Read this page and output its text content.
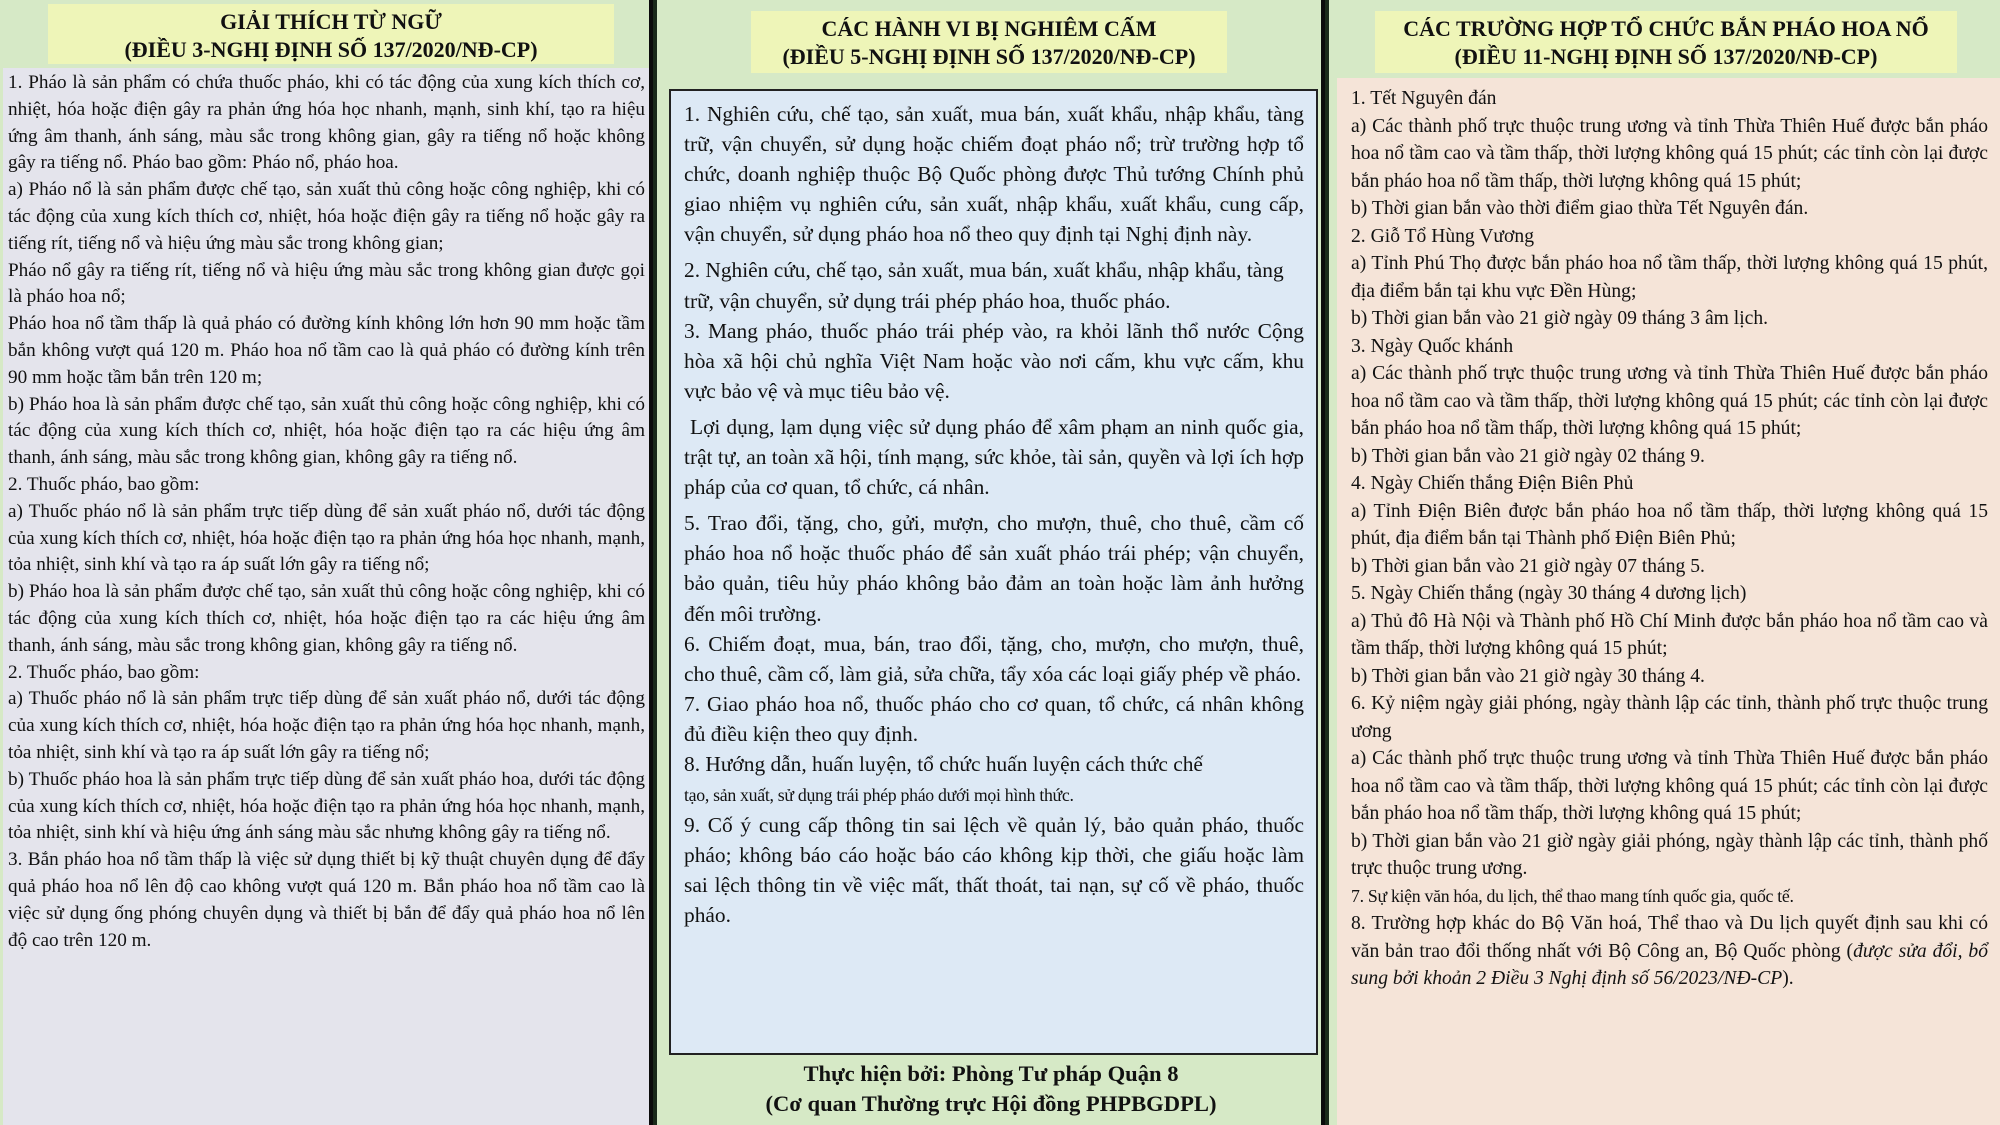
GIẢI THÍCH TỪ NGỮ
(ĐIỀU 3-NGHỊ ĐỊNH SỐ 137/2020/NĐ-CP)

1. Pháo là sản phẩm có chứa thuốc pháo, khi có tác động của xung kích thích cơ, nhiệt, hóa hoặc điện gây ra phản ứng hóa học nhanh, mạnh, sinh khí, tạo ra hiệu ứng âm thanh, ánh sáng, màu sắc trong không gian, gây ra tiếng nổ hoặc không gây ra tiếng nổ. Pháo bao gồm: Pháo nổ, pháo hoa.

a) Pháo nổ là sản phẩm được chế tạo, sản xuất thủ công hoặc công nghiệp, khi có tác động của xung kích thích cơ, nhiệt, hóa hoặc điện gây ra tiếng nổ hoặc gây ra tiếng rít, tiếng nổ và hiệu ứng màu sắc trong không gian;

Pháo nổ gây ra tiếng rít, tiếng nổ và hiệu ứng màu sắc trong không gian được gọi là pháo hoa nổ;

Pháo hoa nổ tầm thấp là quả pháo có đường kính không lớn hơn 90 mm hoặc tầm bắn không vượt quá 120 m. Pháo hoa nổ tầm cao là quả pháo có đường kính trên 90 mm hoặc tầm bắn trên 120 m;

b) Pháo hoa là sản phẩm được chế tạo, sản xuất thủ công hoặc công nghiệp, khi có tác động của xung kích thích cơ, nhiệt, hóa hoặc điện tạo ra các hiệu ứng âm thanh, ánh sáng, màu sắc trong không gian, không gây ra tiếng nổ.

2. Thuốc pháo, bao gồm:

a) Thuốc pháo nổ là sản phẩm trực tiếp dùng để sản xuất pháo nổ, dưới tác động của xung kích thích cơ, nhiệt, hóa hoặc điện tạo ra phản ứng hóa học nhanh, mạnh, tỏa nhiệt, sinh khí và tạo ra áp suất lớn gây ra tiếng nổ;

b) Pháo hoa là sản phẩm được chế tạo, sản xuất thủ công hoặc công nghiệp, khi có tác động của xung kích thích cơ, nhiệt, hóa hoặc điện tạo ra các hiệu ứng âm thanh, ánh sáng, màu sắc trong không gian, không gây ra tiếng nổ.

2. Thuốc pháo, bao gồm:

a) Thuốc pháo nổ là sản phẩm trực tiếp dùng để sản xuất pháo nổ, dưới tác động của xung kích thích cơ, nhiệt, hóa hoặc điện tạo ra phản ứng hóa học nhanh, mạnh, tỏa nhiệt, sinh khí và tạo ra áp suất lớn gây ra tiếng nổ;

b) Thuốc pháo hoa là sản phẩm trực tiếp dùng để sản xuất pháo hoa, dưới tác động của xung kích thích cơ, nhiệt, hóa hoặc điện tạo ra phản ứng hóa học nhanh, mạnh, tỏa nhiệt, sinh khí và hiệu ứng ánh sáng màu sắc nhưng không gây ra tiếng nổ.

3. Bắn pháo hoa nổ tầm thấp là việc sử dụng thiết bị kỹ thuật chuyên dụng để đẩy quả pháo hoa nổ lên độ cao không vượt quá 120 m. Bắn pháo hoa nổ tầm cao là việc sử dụng ống phóng chuyên dụng và thiết bị bắn để đẩy quả pháo hoa nổ lên độ cao trên 120 m.

CÁC HÀNH VI BỊ NGHIÊM CẤM
(ĐIỀU 5-NGHỊ ĐỊNH SỐ 137/2020/NĐ-CP)

1. Nghiên cứu, chế tạo, sản xuất, mua bán, xuất khẩu, nhập khẩu, tàng trữ, vận chuyển, sử dụng hoặc chiếm đoạt pháo nổ; trừ trường hợp tổ chức, doanh nghiệp thuộc Bộ Quốc phòng được Thủ tướng Chính phủ giao nhiệm vụ nghiên cứu, sản xuất, nhập khẩu, xuất khẩu, cung cấp, vận chuyển, sử dụng pháo hoa nổ theo quy định tại Nghị định này.

2. Nghiên cứu, chế tạo, sản xuất, mua bán, xuất khẩu, nhập khẩu, tàng
trữ, vận chuyển, sử dụng trái phép pháo hoa, thuốc pháo.

3. Mang pháo, thuốc pháo trái phép vào, ra khỏi lãnh thổ nước Cộng hòa xã hội chủ nghĩa Việt Nam hoặc vào nơi cấm, khu vực cấm, khu vực bảo vệ và mục tiêu bảo vệ.

Lợi dụng, lạm dụng việc sử dụng pháo để xâm phạm an ninh quốc gia, trật tự, an toàn xã hội, tính mạng, sức khỏe, tài sản, quyền và lợi ích hợp pháp của cơ quan, tổ chức, cá nhân.

5. Trao đổi, tặng, cho, gửi, mượn, cho mượn, thuê, cho thuê, cầm cố pháo hoa nổ hoặc thuốc pháo để sản xuất pháo trái phép; vận chuyển, bảo quản, tiêu hủy pháo không bảo đảm an toàn hoặc làm ảnh hưởng đến môi trường.

6. Chiếm đoạt, mua, bán, trao đổi, tặng, cho, mượn, cho mượn, thuê, cho thuê, cầm cố, làm giả, sửa chữa, tẩy xóa các loại giấy phép về pháo.

7. Giao pháo hoa nổ, thuốc pháo cho cơ quan, tổ chức, cá nhân không đủ điều kiện theo quy định.

8. Hướng dẫn, huấn luyện, tổ chức huấn luyện cách thức chế
tạo, sản xuất, sử dụng trái phép pháo dưới mọi hình thức.

9. Cố ý cung cấp thông tin sai lệch về quản lý, bảo quản pháo, thuốc pháo; không báo cáo hoặc báo cáo không kịp thời, che giấu hoặc làm sai lệch thông tin về việc mất, thất thoát, tai nạn, sự cố về pháo, thuốc pháo.

Thực hiện bởi: Phòng Tư pháp Quận 8
(Cơ quan Thường trực Hội đồng PHPBGDPL)
CÁC TRƯỜNG HỢP TỔ CHỨC BẮN PHÁO HOA NỔ
(ĐIỀU 11-NGHỊ ĐỊNH SỐ 137/2020/NĐ-CP)

1. Tết Nguyên đán

a) Các thành phố trực thuộc trung ương và tỉnh Thừa Thiên Huế được bắn pháo hoa nổ tầm cao và tầm thấp, thời lượng không quá 15 phút; các tỉnh còn lại được bắn pháo hoa nổ tầm thấp, thời lượng không quá 15 phút;

b) Thời gian bắn vào thời điểm giao thừa Tết Nguyên đán.

2. Giỗ Tổ Hùng Vương

a) Tỉnh Phú Thọ được bắn pháo hoa nổ tầm thấp, thời lượng không quá 15 phút, địa điểm bắn tại khu vực Đền Hùng;

b) Thời gian bắn vào 21 giờ ngày 09 tháng 3 âm lịch.

3. Ngày Quốc khánh

a) Các thành phố trực thuộc trung ương và tỉnh Thừa Thiên Huế được bắn pháo hoa nổ tầm cao và tầm thấp, thời lượng không quá 15 phút; các tỉnh còn lại được bắn pháo hoa nổ tầm thấp, thời lượng không quá 15 phút;

b) Thời gian bắn vào 21 giờ ngày 02 tháng 9.

4. Ngày Chiến thắng Điện Biên Phủ

a) Tỉnh Điện Biên được bắn pháo hoa nổ tầm thấp, thời lượng không quá 15 phút, địa điểm bắn tại Thành phố Điện Biên Phủ;

b) Thời gian bắn vào 21 giờ ngày 07 tháng 5.

5. Ngày Chiến thắng (ngày 30 tháng 4 dương lịch)

a) Thủ đô Hà Nội và Thành phố Hồ Chí Minh được bắn pháo hoa nổ tầm cao và tầm thấp, thời lượng không quá 15 phút;

b) Thời gian bắn vào 21 giờ ngày 30 tháng 4.

6. Kỷ niệm ngày giải phóng, ngày thành lập các tỉnh, thành phố trực thuộc trung ương

a) Các thành phố trực thuộc trung ương và tỉnh Thừa Thiên Huế được bắn pháo hoa nổ tầm cao và tầm thấp, thời lượng không quá 15 phút; các tỉnh còn lại được bắn pháo hoa nổ tầm thấp, thời lượng không quá 15 phút;

b) Thời gian bắn vào 21 giờ ngày giải phóng, ngày thành lập các tỉnh, thành phố trực thuộc trung ương.

7. Sự kiện văn hóa, du lịch, thể thao mang tính quốc gia, quốc tế.

8. Trường hợp khác do Bộ Văn hoá, Thể thao và Du lịch quyết định sau khi có văn bản trao đổi thống nhất với Bộ Công an, Bộ Quốc phòng (được sửa đổi, bổ sung bởi khoản 2 Điều 3 Nghị định số 56/2023/NĐ-CP).
